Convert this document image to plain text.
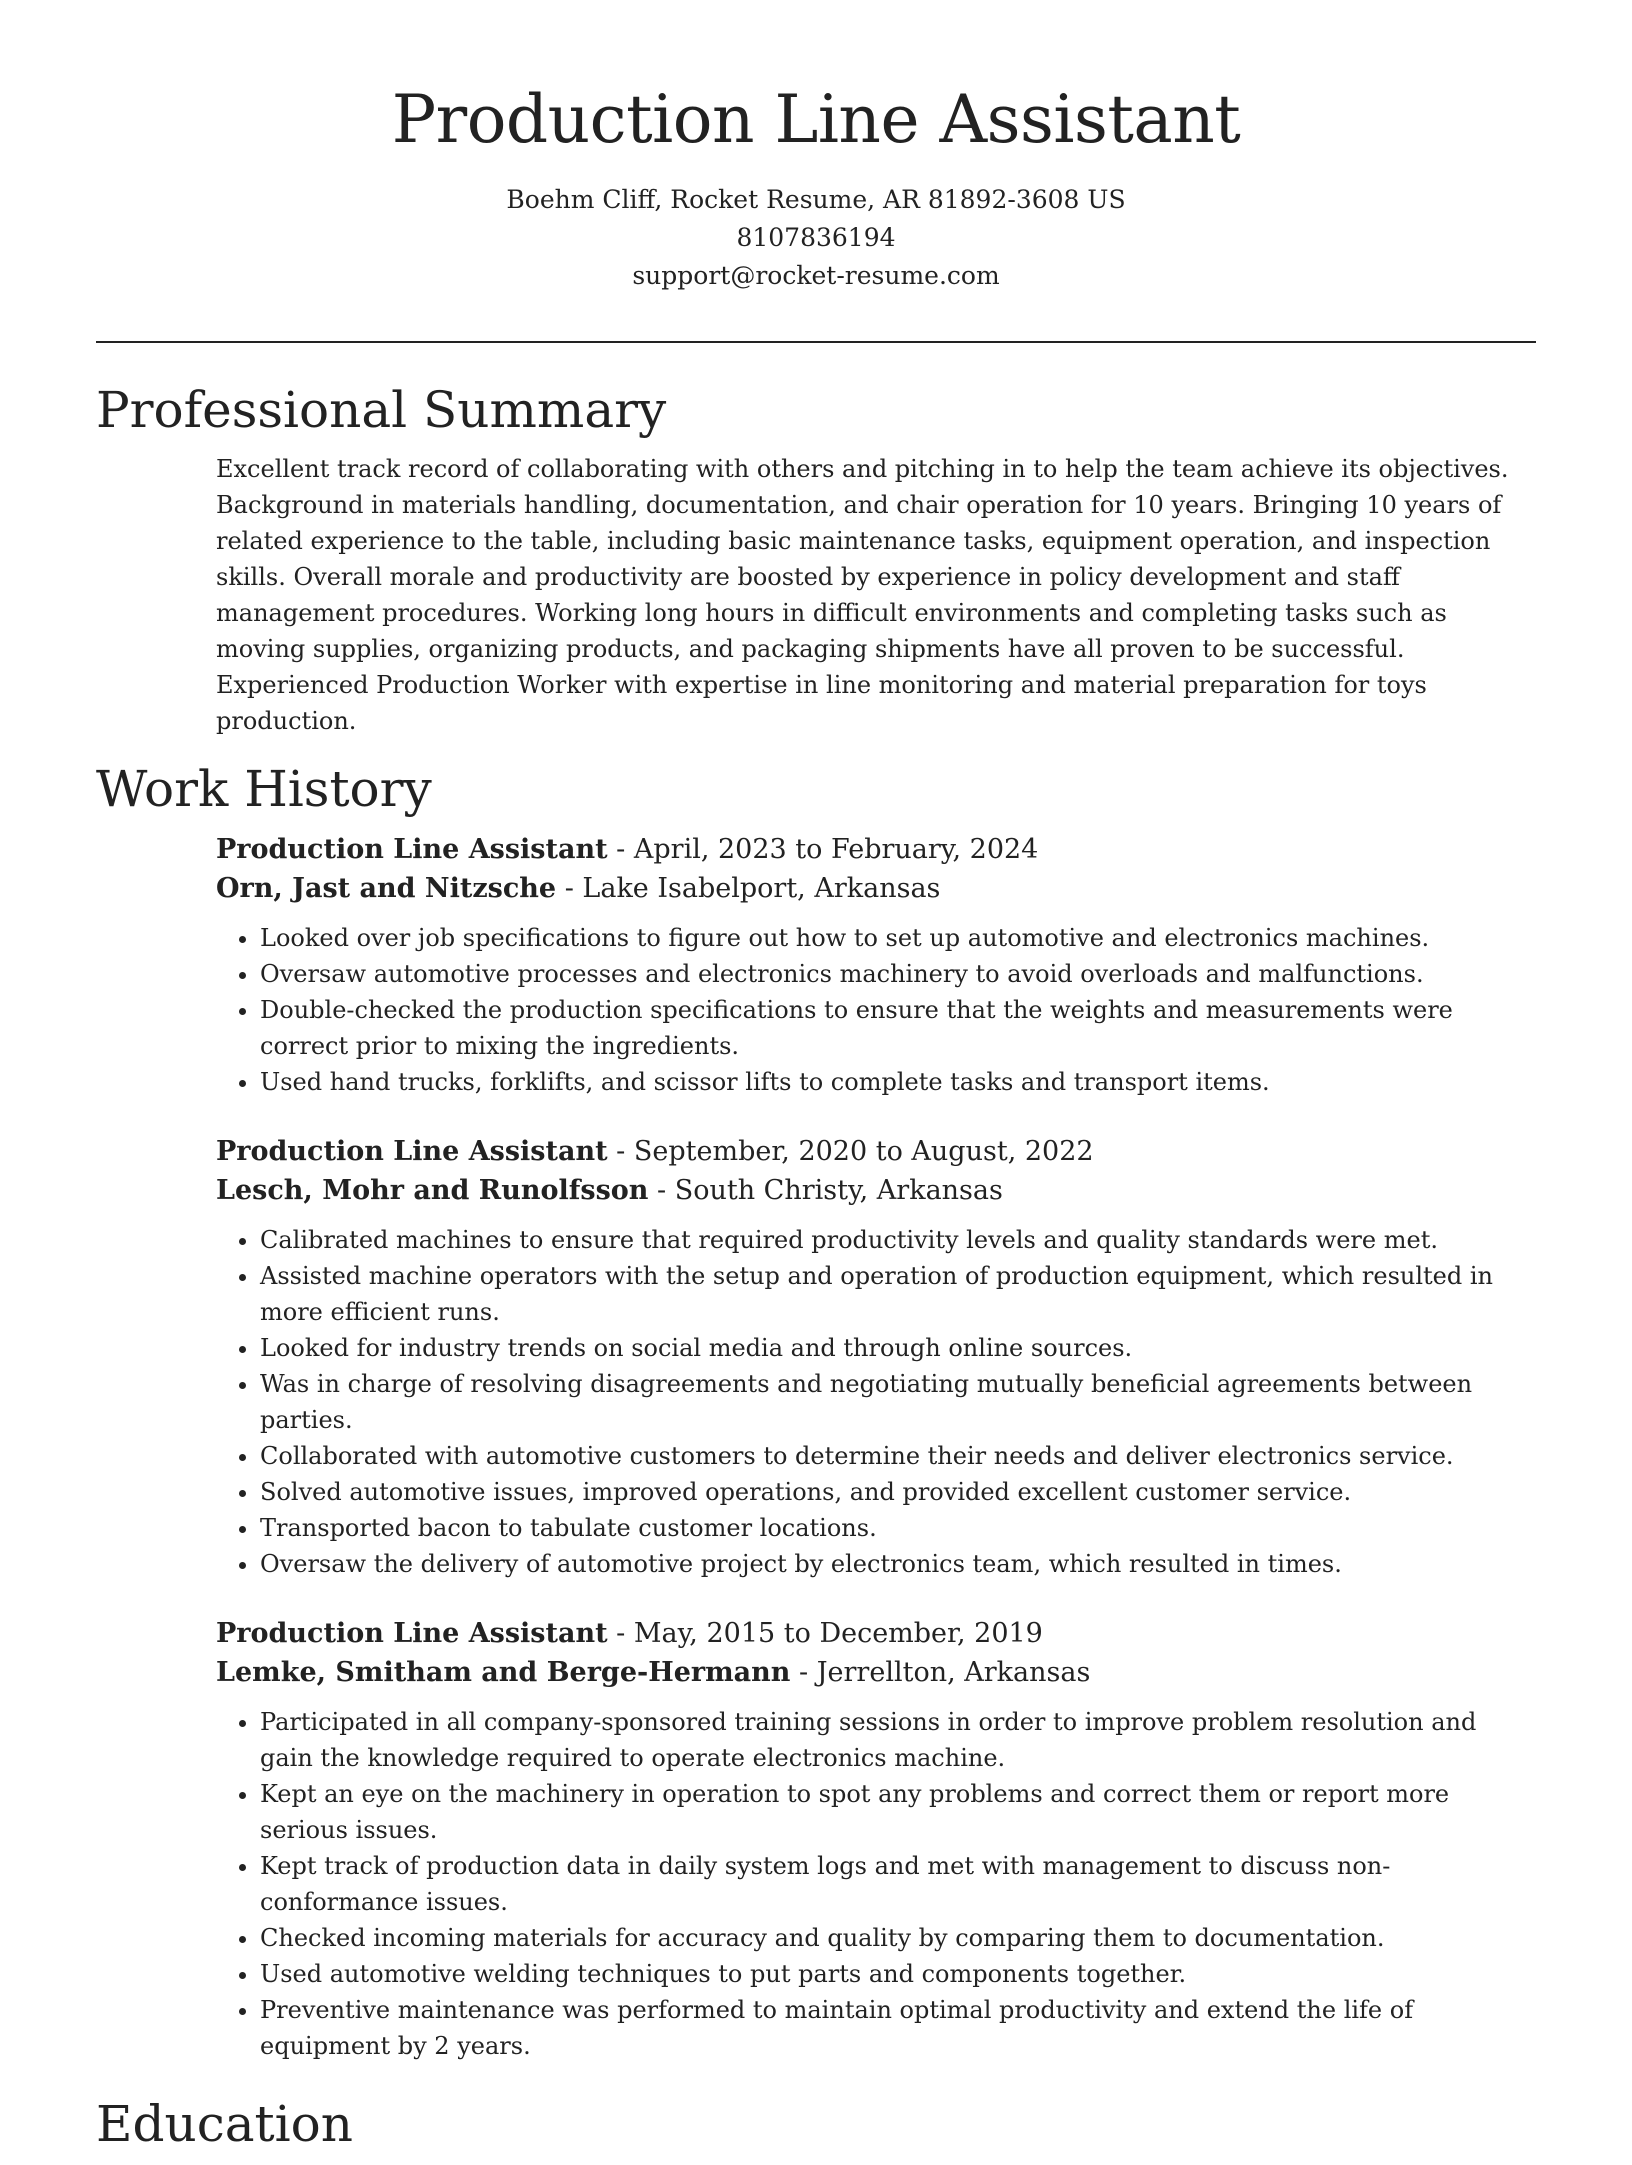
Production Line Assistant

Boehm Cliff, Rocket Resume, AR 81892-3608 US

8107836194

support@rocket-resume.com

Professional Summary

Excellent track record of collaborating with others and pitching in to help the team achieve its objectives. Background in materials handling, documentation, and chair operation for 10 years. Bringing 10 years of related experience to the table, including basic maintenance tasks, equipment operation, and inspection skills. Overall morale and productivity are boosted by experience in policy development and staff management procedures. Working long hours in difficult environments and completing tasks such as moving supplies, organizing products, and packaging shipments have all proven to be successful. Experienced Production Worker with expertise in line monitoring and material preparation for toys production.

Work History

Production Line Assistant - April, 2023 to February, 2024

Orn, Jast and Nitzsche - Lake Isabelport, Arkansas

• Looked over job specifications to figure out how to set up automotive and electronics machines.
• Oversaw automotive processes and electronics machinery to avoid overloads and malfunctions.
• Double-checked the production specifications to ensure that the weights and measurements were correct prior to mixing the ingredients.
• Used hand trucks, forklifts, and scissor lifts to complete tasks and transport items.

Production Line Assistant - September, 2020 to August, 2022

Lesch, Mohr and Runolfsson - South Christy, Arkansas

• Calibrated machines to ensure that required productivity levels and quality standards were met.
• Assisted machine operators with the setup and operation of production equipment, which resulted in more efficient runs.
• Looked for industry trends on social media and through online sources.
• Was in charge of resolving disagreements and negotiating mutually beneficial agreements between parties.
• Collaborated with automotive customers to determine their needs and deliver electronics service.
• Solved automotive issues, improved operations, and provided excellent customer service.
• Transported bacon to tabulate customer locations.
• Oversaw the delivery of automotive project by electronics team, which resulted in times.

Production Line Assistant - May, 2015 to December, 2019

Lemke, Smitham and Berge-Hermann - Jerrellton, Arkansas

• Participated in all company-sponsored training sessions in order to improve problem resolution and gain the knowledge required to operate electronics machine.
• Kept an eye on the machinery in operation to spot any problems and correct them or report more serious issues.
• Kept track of production data in daily system logs and met with management to discuss non-conformance issues.
• Checked incoming materials for accuracy and quality by comparing them to documentation.
• Used automotive welding techniques to put parts and components together.
• Preventive maintenance was performed to maintain optimal productivity and extend the life of equipment by 2 years.
Education
